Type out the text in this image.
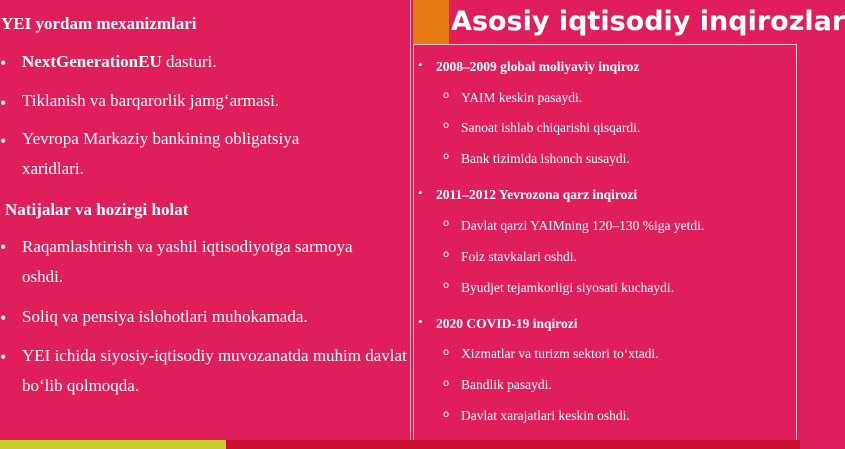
Asosiy iqtisodiy inqirozlar
YEI yordam mexanizmlari
• NextGenerationEU dasturi.
• Tiklanish va barqarorlik jamg‘armasi.
• Yevropa Markaziy bankining obligatsiya xaridlari.
Natijalar va hozirgi holat
• Raqamlashtirish va yashil iqtisodiyotga sarmoya oshdi.
• Soliq va pensiya islohotlari muhokamada.
• YEI ichida siyosiy-iqtisodiy muvozanatda muhim davlat bo‘lib qolmoqda.
• 2008–2009 global moliyaviy inqiroz
o YAIM keskin pasaydi.
o Sanoat ishlab chiqarishi qisqardi.
o Bank tizimida ishonch susaydi.
• 2011–2012 Yevrozona qarz inqirozi
o Davlat qarzi YAIMning 120–130 %iga yetdi.
o Foiz stavkalari oshdi.
o Byudjet tejamkorligi siyosati kuchaydi.
• 2020 COVID-19 inqirozi
o Xizmatlar va turizm sektori to‘xtadi.
o Bandlik pasaydi.
o Davlat xarajatlari keskin oshdi.
